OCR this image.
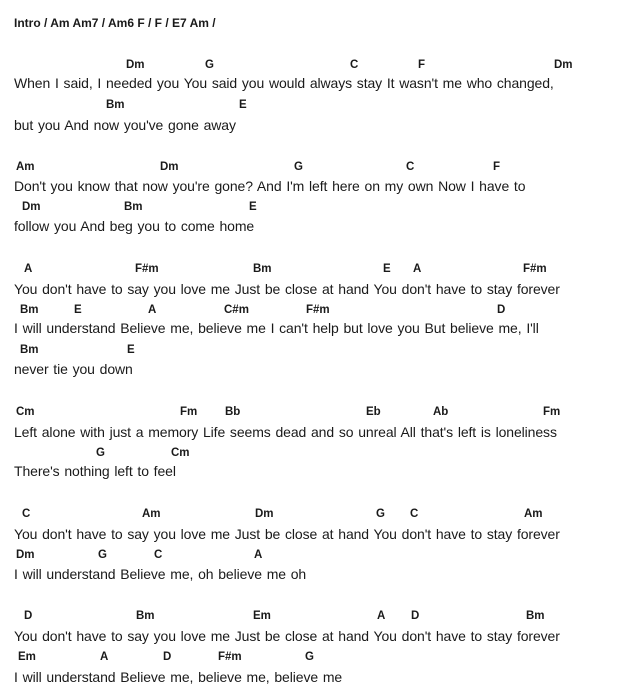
Intro / Am Am7 / Am6 F / F / E7 Am /
Dm	G	C	F	Dm
When I said, I needed you You said you would always stay It wasn't me who changed,
Bm	E
but you And now you've gone away
Am	Dm	G	C	F
Don't you know that now you're gone? And I'm left here on my own Now I have to
Dm	Bm	E
follow you And beg you to come home
A	F#m	Bm	E A	F#m
You don't have to say you love me Just be close at hand You don't have to stay forever
Bm	E	A	C#m	F#m	D
I will understand Believe me, believe me I can't help but love you But believe me, I'll
Bm	E
never tie you down
Cm	Fm Bb	Eb	Ab	Fm
Left alone with just a memory Life seems dead and so unreal All that's left is loneliness
G	Cm
There's nothing left to feel
C	Am	Dm	G C	Am
You don't have to say you love me Just be close at hand You don't have to stay forever
Dm	G	C	A
I will understand Believe me, oh believe me oh
D	Bm	Em	A D	Bm
You don't have to say you love me Just be close at hand You don't have to stay forever
Em	A	D	F#m	G
I will understand Believe me, believe me, believe me
